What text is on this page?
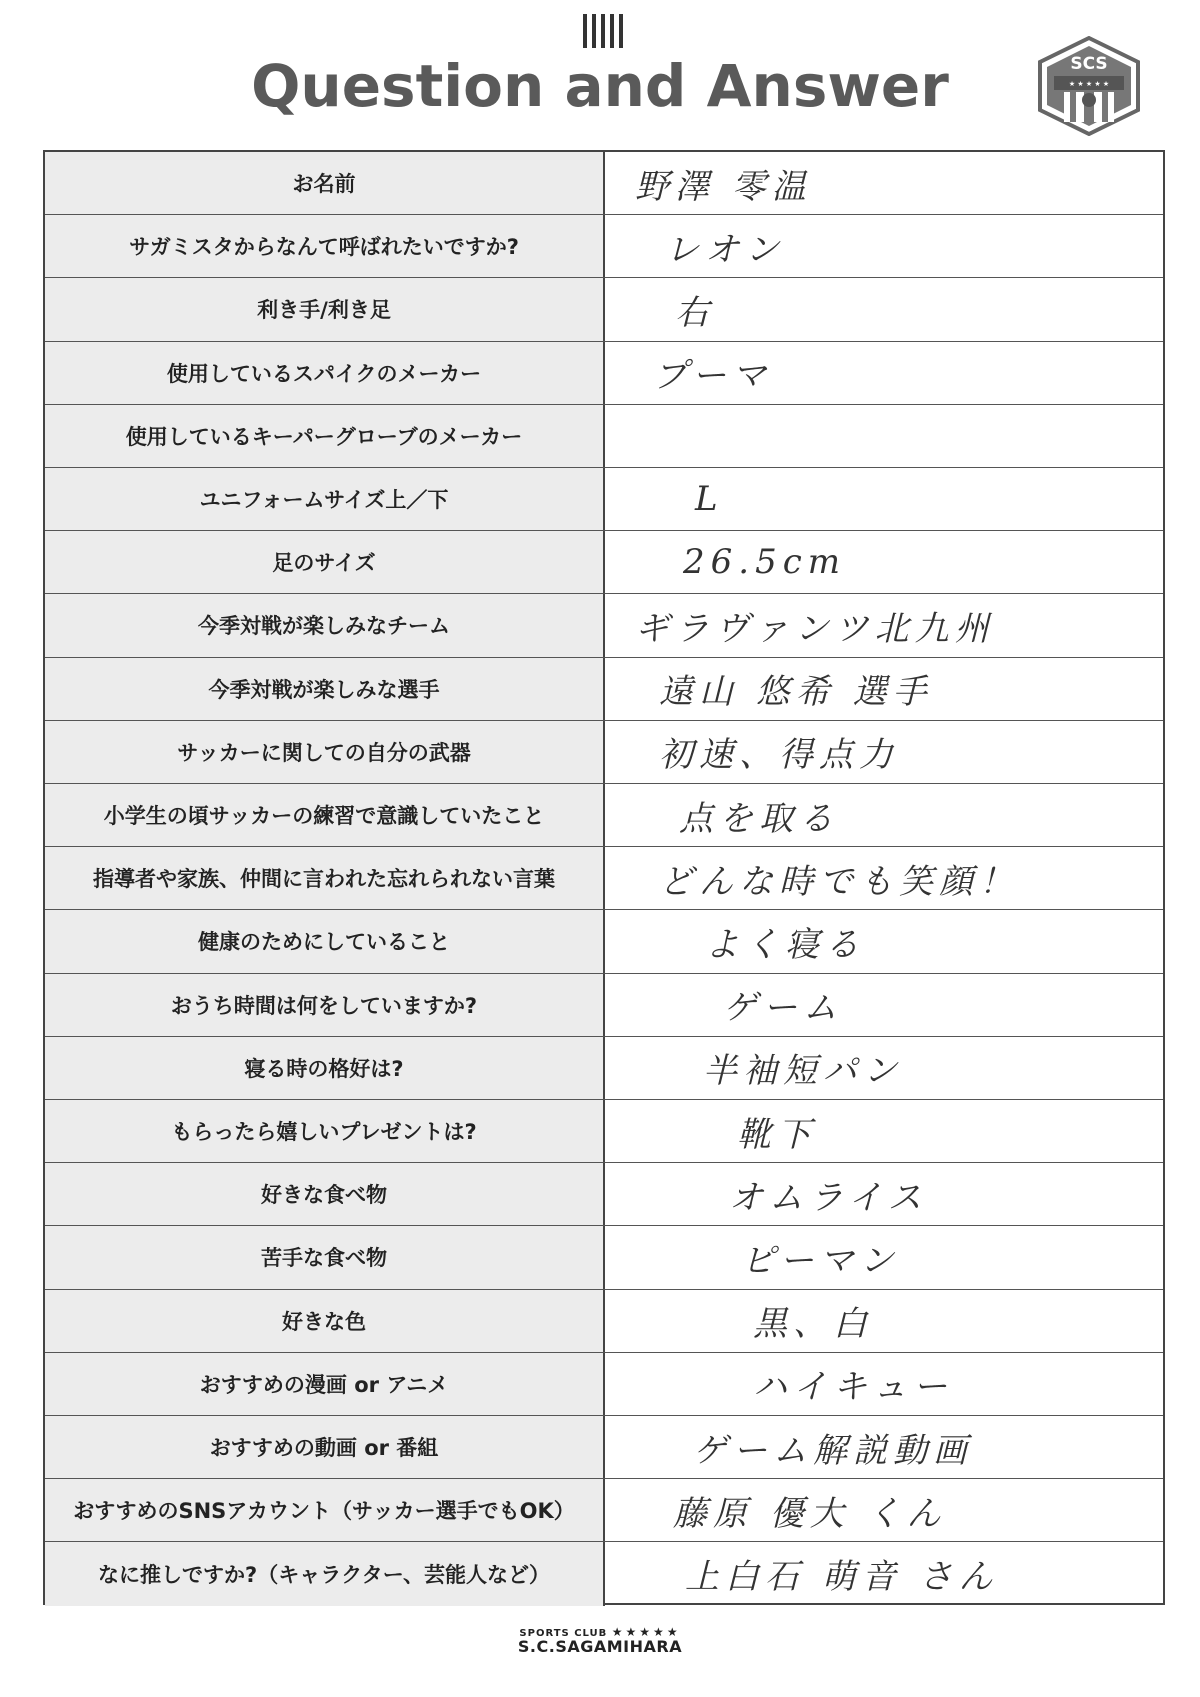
Question and Answer	SCS
★ ★ ★ ★ ★
お名前	野澤 零温
サガミスタからなんて呼ばれたいですか?	レオン
利き手/利き足	右
使用しているスパイクのメーカー	プーマ
使用しているキーパーグローブのメーカー
ユニフォームサイズ上／下	L
足のサイズ	26.5cm
今季対戦が楽しみなチーム	ギラヴァンツ北九州
今季対戦が楽しみな選手	遠山 悠希 選手
サッカーに関しての自分の武器	初速、得点力
小学生の頃サッカーの練習で意識していたこと	点を取る
指導者や家族、仲間に言われた忘れられない言葉	どんな時でも笑顔！
健康のためにしていること	よく寝る
おうち時間は何をしていますか?	ゲーム
寝る時の格好は?	半袖短パン
もらったら嬉しいプレゼントは?	靴下
好きな食べ物	オムライス
苦手な食べ物	ピーマン
好きな色	黒、白
おすすめの漫画 or アニメ	ハイキュー
おすすめの動画 or 番組	ゲーム解説動画
おすすめのSNSアカウント（サッカー選手でもOK）	藤原 優大 くん
なに推しですか?（キャラクター、芸能人など）	上白石 萌音 さん
SPORTS CLUB ★★★★★
S.C.SAGAMIHARA
